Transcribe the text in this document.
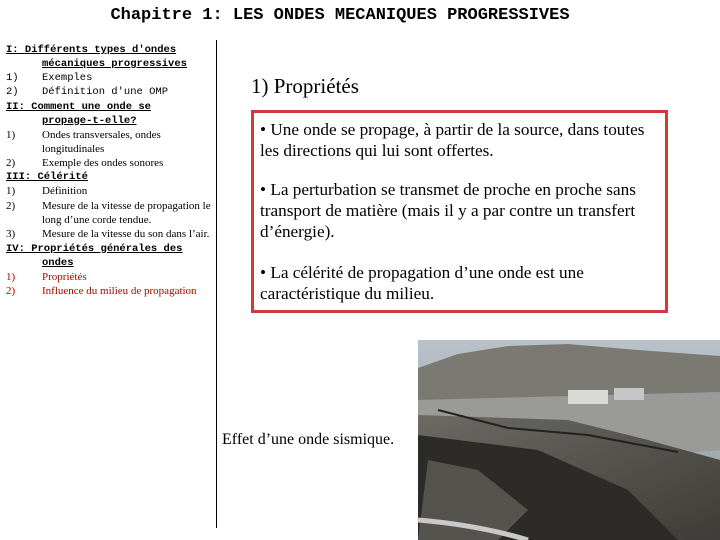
Chapitre 1: LES ONDES MECANIQUES PROGRESSIVES
I: Différents types d'ondes
mécaniques progressives
1)	Exemples
2)	Définition d'une OMP
II: Comment une onde se
propage-t-elle?
1)	Ondes transversales, ondes longitudinales
2)	Exemple des ondes sonores
III: Célérité
1)	Définition
2)	Mesure de la vitesse de propagation le long d’une corde tendue.
3)	Mesure de la vitesse du son dans l’air.
IV: Propriétés générales des
ondes
1)	Propriétés
2)	Influence du milieu de propagation
1) Propriétés
• Une onde se propage, à partir de la source, dans toutes les directions qui lui sont offertes.
• La perturbation se transmet de proche en proche sans transport de matière (mais il y a par contre un transfert d’énergie).
• La célérité de propagation d’une onde est une caractéristique du milieu.
Effet d’une onde sismique.
